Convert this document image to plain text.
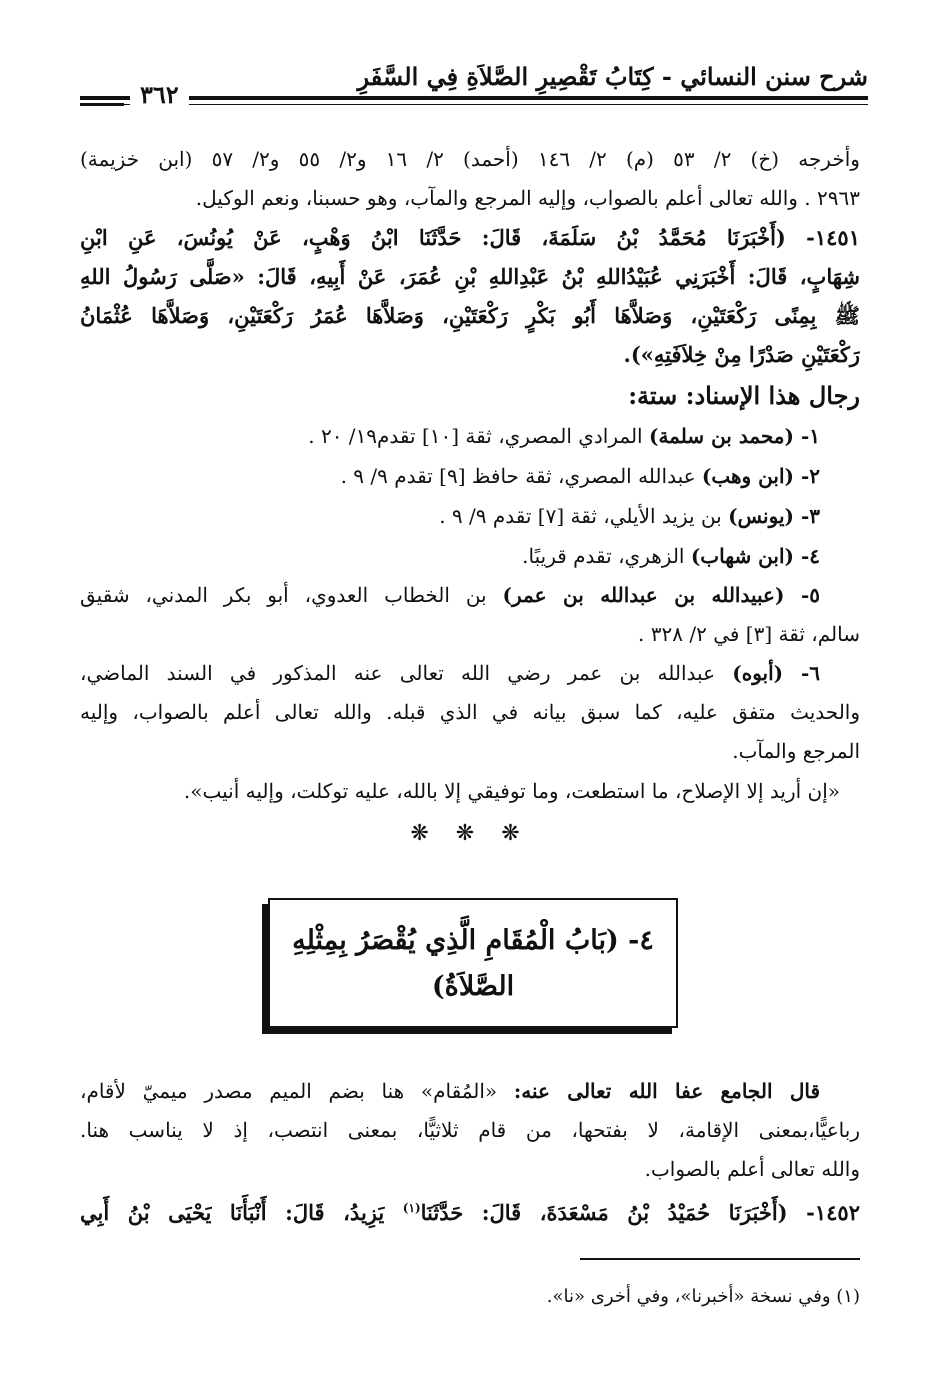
شرح سنن النسائي - كِتَابُ تَقْصِيرِ الصَّلاَةِ فِي السَّفَرِ
٣٦٢
وأخرجه (خ) ٢/ ٥٣ (م) ٢/ ١٤٦ (أحمد) ٢/ ١٦ و٢/ ٥٥ و٢/ ٥٧ (ابن خزيمة)
٢٩٦٣ . والله تعالى أعلم بالصواب، وإليه المرجع والمآب، وهو حسبنا، ونعم الوكيل.
١٤٥١- (أَخْبَرَنَا مُحَمَّدُ بْنُ سَلَمَةَ، قَالَ: حَدَّثَنَا ابْنُ وَهْبٍ، عَنْ يُونُسَ، عَنِ ابْنِ
شِهَابٍ، قَالَ: أَخْبَرَنِي عُبَيْدُاللهِ بْنُ عَبْدِاللهِ بْنِ عُمَرَ، عَنْ أَبِيهِ، قَالَ: «صَلَّى رَسُولُ اللهِ
ﷺ بِمِنًى رَكْعَتَيْنِ، وَصَلاَّهَا أَبُو بَكْرٍ رَكْعَتَيْنِ، وَصَلاَّهَا عُمَرُ رَكْعَتَيْنِ، وَصَلاَّهَا عُثْمَانُ
رَكْعَتَيْنِ صَدْرًا مِنْ خِلاَفَتِهِ»).
رجال هذا الإسناد: ستة:
١- (محمد بن سلمة) المرادي المصري، ثقة [١٠] تقدم١٩/ ٢٠ .
٢- (ابن وهب) عبدالله المصري، ثقة حافظ [٩] تقدم ٩/ ٩ .
٣- (يونس) بن يزيد الأيلي، ثقة [٧] تقدم ٩/ ٩ .
٤- (ابن شهاب) الزهري، تقدم قريبًا.
٥- (عبيدالله بن عبدالله بن عمر) بن الخطاب العدوي، أبو بكر المدني، شقيق
سالم، ثقة [٣] في ٢/ ٣٢٨ .
٦- (أبوه) عبدالله بن عمر رضي الله تعالى عنه المذكور في السند الماضي،
والحديث متفق عليه، كما سبق بيانه في الذي قبله. والله تعالى أعلم بالصواب، وإليه
المرجع والمآب.
«إن أريد إلا الإصلاح، ما استطعت، وما توفيقي إلا بالله، عليه توكلت، وإليه أنيب».
❋ ❋ ❋
٤- (بَابُ الْمُقَامِ الَّذِي يُقْصَرُ بِمِثْلِهِ
الصَّلاَةُ)
قال الجامع عفا الله تعالى عنه: «المُقام» هنا بضم الميم مصدر ميميّ لأقام،
رباعيًّا،بمعنى الإقامة، لا بفتحها، من قام ثلاثيًّا، بمعنى انتصب، إذ لا يناسب هنا.
والله تعالى أعلم بالصواب.
١٤٥٢- (أَخْبَرَنَا حُمَيْدُ بْنُ مَسْعَدَةَ، قَالَ: حَدَّثَنَا$^{(١)}$ يَزِيدُ، قَالَ: أَنْبَأَنَا يَحْيَى بْنُ أَبِي
(١) وفي نسخة «أخبرنا»، وفي أخرى «نا».
